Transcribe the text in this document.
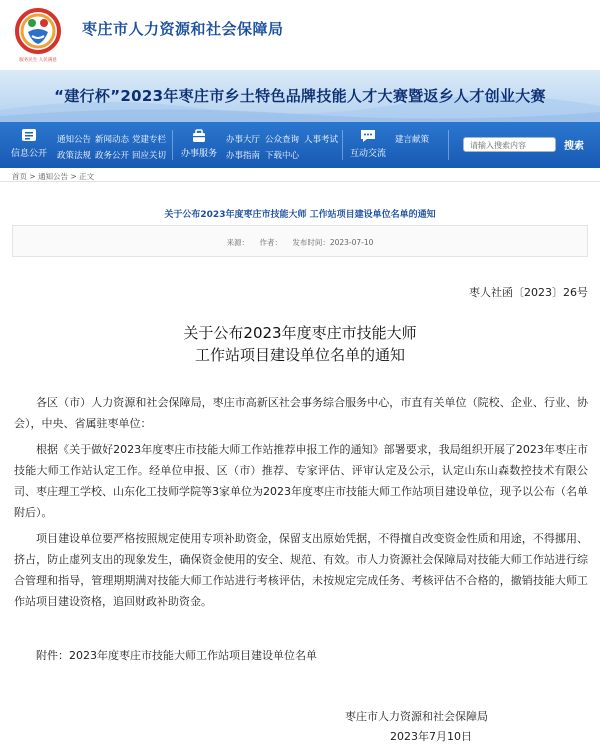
服务民生 人民满意
枣庄市人力资源和社会保障局
“建行杯”2023年枣庄市乡土特色品牌技能人才大赛暨返乡人才创业大赛
信息公开
通知公告 新闻动态 党建专栏
政策法规 政务公开 回应关切 办事服务
办事大厅 公众查询 人事考试
办事指南 下载中心	互动交流
建言献策
请输入搜索内容	搜索
首页 > 通知公告 > 正文
关于公布2023年度枣庄市技能大师 工作站项目建设单位名单的通知
来源： 作者： 发布时间：2023-07-10
枣人社函〔2023〕26号
关于公布2023年度枣庄市技能大师
工作站项目建设单位名单的通知
各区（市）人力资源和社会保障局，枣庄市高新区社会事务综合服务中心，市直有关单位（院校、企业、行业、协会），中央、省属驻枣单位：
根据《关于做好2023年度枣庄市技能大师工作站推荐申报工作的通知》部署要求，我局组织开展了2023年枣庄市技能大师工作站认定工作。经单位申报、区（市）推荐、专家评估、评审认定及公示，认定山东山森数控技术有限公司、枣庄理工学校、山东化工技师学院等3家单位为2023年度枣庄市技能大师工作站项目建设单位，现予以公布（名单附后）。
项目建设单位要严格按照规定使用专项补助资金，保留支出原始凭据，不得擅自改变资金性质和用途，不得挪用、挤占，防止虚列支出的现象发生，确保资金使用的安全、规范、有效。市人力资源社会保障局对技能大师工作站进行综合管理和指导，管理期期满对技能大师工作站进行考核评估，未按规定完成任务、考核评估不合格的，撤销技能大师工作站项目建设资格，追回财政补助资金。
附件：2023年度枣庄市技能大师工作站项目建设单位名单
枣庄市人力资源和社会保障局
2023年7月10日
